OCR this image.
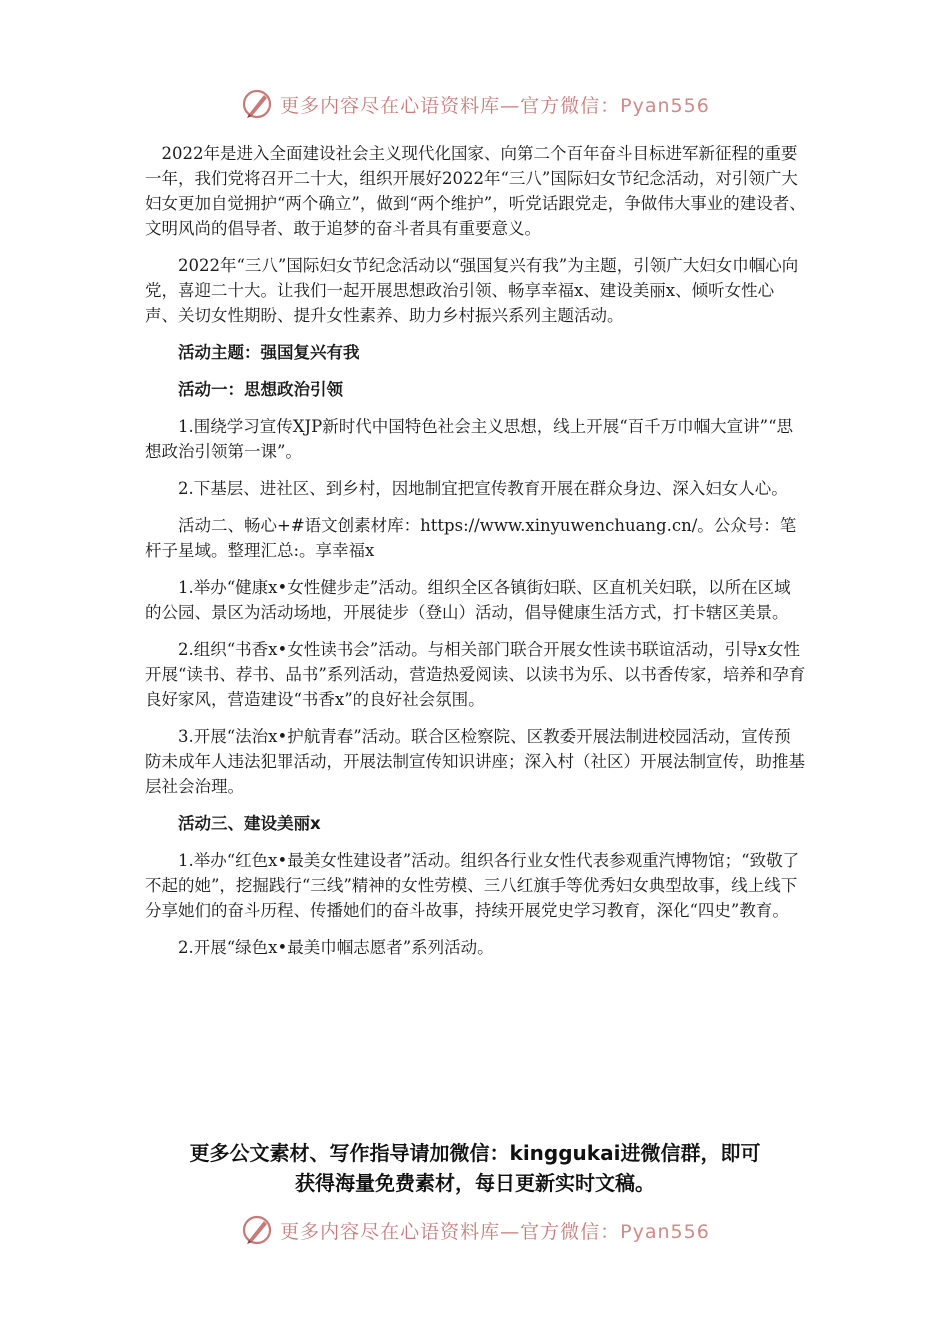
更多内容尽在心语资料库—官方微信：Pyan556

2022年是进入全面建设社会主义现代化国家、向第二个百年奋斗目标进军新征程的重要一年，我们党将召开二十大，组织开展好2022年“三八”国际妇女节纪念活动，对引领广大妇女更加自觉拥护“两个确立”，做到“两个维护”，听党话跟党走，争做伟大事业的建设者、文明风尚的倡导者、敢于追梦的奋斗者具有重要意义。

2022年“三八”国际妇女节纪念活动以“强国复兴有我”为主题，引领广大妇女巾帼心向党，喜迎二十大。让我们一起开展思想政治引领、畅享幸福x、建设美丽x、倾听女性心声、关切女性期盼、提升女性素养、助力乡村振兴系列主题活动。

活动主题：强国复兴有我

活动一：思想政治引领

1.围绕学习宣传XJP新时代中国特色社会主义思想，线上开展“百千万巾帼大宣讲”“思想政治引领第一课”。

2.下基层、进社区、到乡村，因地制宜把宣传教育开展在群众身边、深入妇女人心。

活动二、畅心+#语文创素材库：https://www.xinyuwenchuang.cn/。公众号：笔杆子星域。整理汇总:。享幸福x

1.举办“健康x•女性健步走”活动。组织全区各镇街妇联、区直机关妇联，以所在区域的公园、景区为活动场地，开展徒步（登山）活动，倡导健康生活方式，打卡辖区美景。

2.组织“书香x•女性读书会”活动。与相关部门联合开展女性读书联谊活动，引导x女性开展“读书、荐书、品书”系列活动，营造热爱阅读、以读书为乐、以书香传家，培养和孕育良好家风，营造建设“书香x”的良好社会氛围。

3.开展“法治x•护航青春”活动。联合区检察院、区教委开展法制进校园活动，宣传预防未成年人违法犯罪活动，开展法制宣传知识讲座；深入村（社区）开展法制宣传，助推基层社会治理。

活动三、建设美丽x

1.举办“红色x•最美女性建设者”活动。组织各行业女性代表参观重汽博物馆；“致敬了不起的她”，挖掘践行“三线”精神的女性劳模、三八红旗手等优秀妇女典型故事，线上线下分享她们的奋斗历程、传播她们的奋斗故事，持续开展党史学习教育，深化“四史”教育。

2.开展“绿色x•最美巾帼志愿者”系列活动。

更多公文素材、写作指导请加微信：kinggukai进微信群，即可
获得海量免费素材，每日更新实时文稿。
更多内容尽在心语资料库—官方微信：Pyan556
